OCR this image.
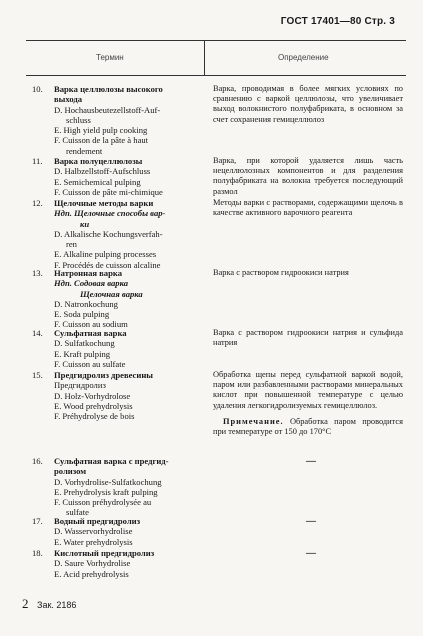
ГОСТ 17401—80 Стр. 3
Термин	Определение
10. Варка целлюлозы высокого
выхода
D. Hochausbeutezellstoff-Auf-
schluss
E. High yield pulp cooking
F. Cuisson de la pâte à haut
rendement
Варка, проводимая в более мягких условиях по сравнению с варкой целлюлозы, что увеличивает выход волокнистого полуфабриката, в основном за счет сохранения гемицеллюлоз
11. Варка полуцеллюлозы
D. Halbzellstoff-Aufschluss
E. Semichemical pulping
F. Cuisson de pâte mi-chimique
Варка, при которой удаляется лишь часть нецеллюлозных компонентов и для разделения полуфабриката на волокна требуется последующий размол
12. Щелочные методы варки
Ндп. Щелочные способы вар-
ки
D. Alkalische Kochungsverfah-
ren
E. Alkaline pulping processes
F. Procédés de cuisson alcaline
Методы варки с растворами, содержащими щелочь в качестве активного варочного реагента
13. Натронная варка
Ндп. Содовая варка
Щелочная варка
D. Natronkochung
E. Soda pulping
F. Cuisson au sodium
Варка с раствором гидроокиси натрия
14. Сульфатная варка
D. Sulfatkochung
E. Kraft pulping
F. Cuisson au sulfate
Варка с раствором гидроокиси натрия и сульфида натрия
15. Предгидролиз древесины
Предгидролиз
D. Holz-Vorhydrolose
E. Wood prehydrolysis
F. Préhydrolyse de bois
Обработка щепы перед сульфатной варкой водой, паром или разбавленными растворами минеральных кислот при повышенной температуре с целью удаления легкогидролизуемых гемицеллюлоз.
Примечание. Обработка паром проводится при температуре от 150 до 170°С
16. Сульфатная варка с предгид-
ролизом
D. Vorhydrolise-Sulfatkochung
E. Prehydrolysis kraft pulping
F. Cuisson préhydrolysée au
sulfate
—
17. Водный предгидролиз
D. Wasservorhydrolise
E. Water prehydrolysis
—
18. Кислотный предгидролиз
D. Saure Vorhydrolise
E. Acid prehydrolysis
—
2 Зак. 2186
